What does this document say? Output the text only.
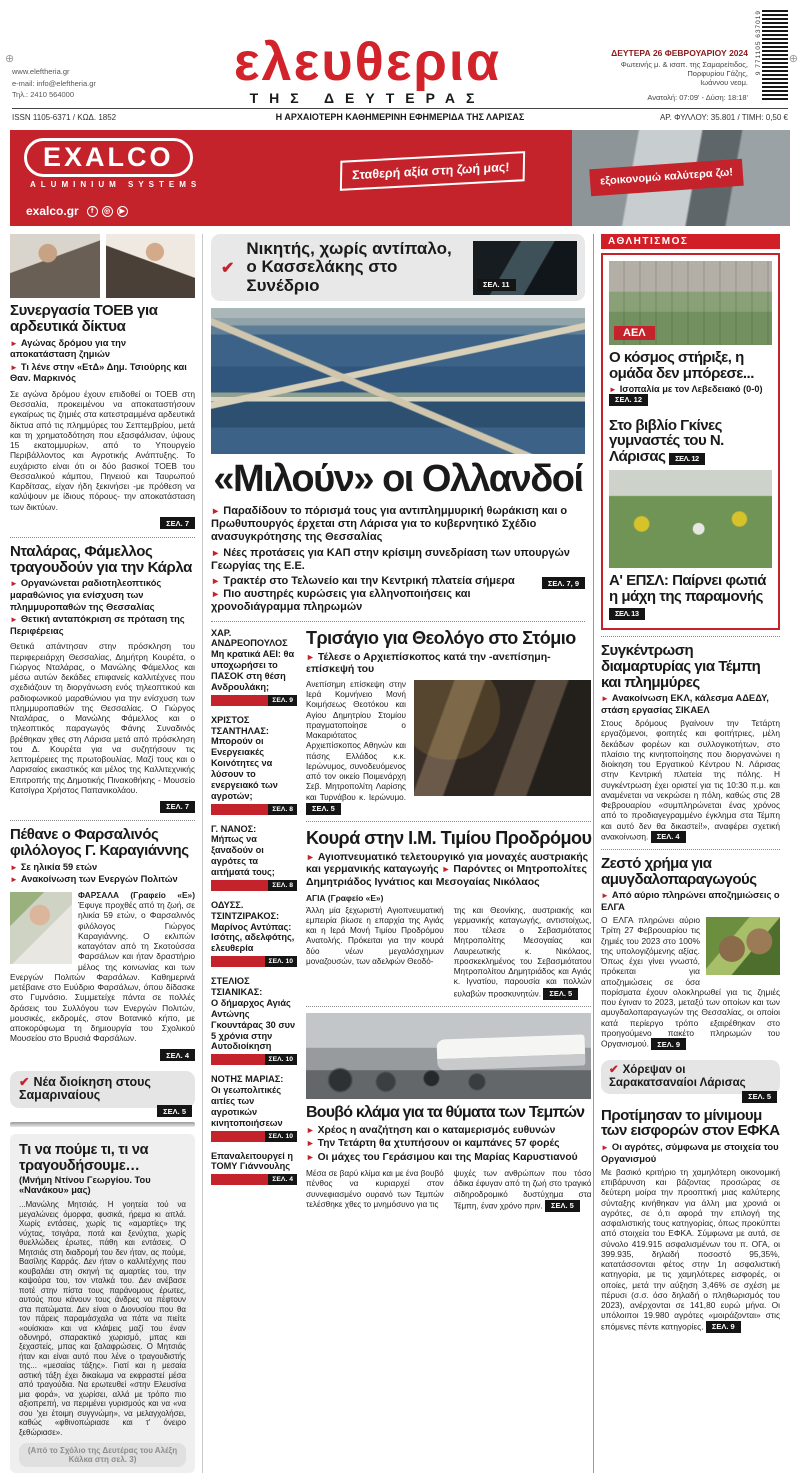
⊕	⊕
www.eleftheria.gr
e-mail: info@eleftheria.gr
Τηλ.: 2410 564000
ελευθερια
ΤΗΣ ΔΕΥΤΕΡΑΣ
ΔΕΥΤΕΡΑ 26 ΦΕΒΡΟΥΑΡΙΟΥ 2024
Φωτεινής μ. & ισαπ. της Σαμαρείτιδος,
Πορφυρίου Γάζης,
Ιωάννου νεομ.
Ανατολή: 07:09' - Δύση: 18:18'
9 771105 637019
ISSN 1105-6371 / ΚΩΔ. 1852	Η ΑΡΧΑΙΟΤΕΡΗ ΚΑΘΗΜΕΡΙΝΗ ΕΦΗΜΕΡΙΔΑ ΤΗΣ ΛΑΡΙΣΑΣ	ΑΡ. ΦΥΛΛΟΥ: 35.801 / ΤΙΜΗ: 0,50 €
EXALCO
ALUMINIUM SYSTEMS
Σταθερή αξία στη ζωή μας!
exalco.gr	f	◎	▶
εξοικονομώ καλύτερα ζω!
Συνεργασία ΤΟΕΒ για αρδευτικά δίκτυα

► Αγώνας δρόμου για την αποκατάσταση ζημιών

► Τι λένε στην «ΕτΔ» Δημ. Τσιούρης και Θαν. Μαρκινός

Σε αγώνα δρόμου έχουν επιδοθεί οι ΤΟΕΒ στη Θεσσαλία, προκειμένου να αποκαταστήσουν εγκαίρως τις ζημιές στα κατεστραμμένα αρδευτικά δίκτυα από τις πλημμύρες του Σεπτεμβρίου, μετά και τη χρηματοδότηση που εξασφάλισαν, ύψους 15 εκατομμυρίων, από το Υπουργείο Περιβάλλοντος και Αγροτικής Ανάπτυξης. Το ευχάριστο είναι ότι οι δύο βασικοί ΤΟΕΒ του Θεσσαλικού κάμπου, Πηνειού και Ταυρωπού Καρδίτσας, είχαν ήδη ξεκινήσει -με πρόθεση να καλύψουν με ίδιους πόρους- την αποκατάσταση των δικτύων.
ΣΕΛ. 7
Νταλάρας, Φάμελλος τραγουδούν για την Κάρλα

► Οργανώνεται ραδιοτηλεοπτικός μαραθώνιος για ενίσχυση των πλημμυροπαθών της Θεσσαλίας

► Θετική ανταπόκριση σε πρόταση της Περιφέρειας

Θετικά απάντησαν στην πρόσκληση του περιφερειάρχη Θεσσαλίας, Δημήτρη Κουρέτα, ο Γιώργος Νταλάρας, ο Μανώλης Φάμελλος και μέσω αυτών δεκάδες επιφανείς καλλιτέχνες που σχεδιάζουν τη διοργάνωση ενός τηλεοπτικού και ραδιοφωνικού μαραθώνιου για την ενίσχυση των πλημμυροπαθών της Θεσσαλίας. Ο Γιώργος Νταλάρας, ο Μανώλης Φάμελλος και ο τηλεοπτικός παραγωγός Φάνης Συναδινός βρέθηκαν χθες στη Λάρισα μετά από πρόσκληση του Δ. Κουρέτα για να συζητήσουν τις λεπτομέρειες της πρωτοβουλίας. Μαζί τους και ο Λαρισαίος εικαστικός και μέλος της Καλλιτεχνικής Επιτροπής της Δημοτικής Πινακοθήκης - Μουσείο Κατσίγρα Χρήστος Παπανικολάου.
ΣΕΛ. 7
Πέθανε ο Φαρσαλινός φιλόλογος Γ. Καραγιάννης

► Σε ηλικία 59 ετών

► Ανακοίνωση των Ενεργών Πολιτών

ΦΑΡΣΑΛΑ (Γραφείο «Ε») Έφυγε προχθές από τη ζωή, σε ηλικία 59 ετών, ο Φαρσαλινός φιλόλογος Γιώργος Καραγιάννης. Ο εκλιπών καταγόταν από τη Σκοτούσσα Φαρσάλων και ήταν δραστήριο μέλος της κοινωνίας και των Ενεργών Πολιτών Φαρσάλων. Καθημερινά μετέβαινε στο Ευύδριο Φαρσάλων, όπου δίδασκε στο Γυμνάσιο. Συμμετείχε πάντα σε πολλές δράσεις του Συλλόγου των Ενεργών Πολιτών, μουσικές, εκδρομές, στον Βοτανικό κήπο, με αποκορύφωμα τη δημιουργία του Σχολικού Μουσείου στο Βρυσιά Φαρσάλων.
ΣΕΛ. 4
✔ Νέα διοίκηση στους Σαμαριναίους
ΣΕΛ. 5
Τι να πούμε τι, τι να τραγουδήσουμε…
(Μνήμη Ντίνου Γεωργίου. Του «Νανάκου» μας)
...Μανώλης Μητσιάς. Η γοητεία τού να μεγαλώνεις όμορφα, φυσικά, ήρεμα κι απλά. Χωρίς εντάσεις, χωρίς τις «αμαρτίες» της νύχτας, τσιγάρα, ποτά και ξενύχτια, χωρίς θυελλώδεις έρωτες, πάθη και εντάσεις. Ο Μητσιάς στη διαδρομή του δεν ήταν, ας πούμε, Βασίλης Καρράς. Δεν ήταν ο καλλιτέχνης που κουβαλάει στη σκηνή τις αμαρτίες του, την καψούρα του, τον νταλκά του. Δεν ανέβασε ποτέ στην πίστα τους παράνομους έρωτες, αυτούς που κάνουν τους άνδρες να πέφτουν στα πατώματα. Δεν είναι ο Διονυσίου που θα τον πάρεις παραμάσχαλα να πάτε να πιείτε «ουίσκια» και να κλάψεις μαζί του έναν οδυνηρό, σπαρακτικό χωρισμό, μπας και ξεχαστείς, μπας και ξαλαφρώσεις. Ο Μητσιάς ήταν και είναι αυτό που λένε ο τραγουδιστής της... «μεσαίας τάξης». Γιατί και η μεσαία αστική τάξη έχει δικαίωμα να εκφραστεί μέσα από τραγούδια. Να ερωτευθεί «στην Ελευσίνα μια φορά», να χωρίσει, αλλά με τρόπο πιο αξιοπρεπή, να περιμένει γυρισμούς και να «να σου 'χει έτοιμη συγγνώμη», να μελαγχολήσει, καθώς «φθινοπώριασε και τ' όνειρο ξεθώριασε».
(Από το Σχόλιο της Δευτέρας του Αλέξη Κάλκα στη σελ. 3)
✔
Νικητής, χωρίς αντίπαλο, ο Κασσελάκης στο Συνέδριο	ΣΕΛ. 11
«Μιλούν» οι Ολλανδοί

► Παραδίδουν το πόρισμά τους για αντιπλημμυρική θωράκιση και ο Πρωθυπουργός έρχεται στη Λάρισα για το κυβερνητικό Σχέδιο ανασυγκρότησης της Θεσσαλίας

► Νέες προτάσεις για ΚΑΠ στην κρίσιμη συνεδρίαση των υπουργών Γεωργίας της Ε.Ε.

ΣΕΛ. 7, 9
► Τρακτέρ στο Τελωνείο και την Κεντρική πλατεία σήμερα ► Πιο αυστηρές κυρώσεις για ελληνοποιήσεις και χρονοδιάγραμμα πληρωμών

ΧΑΡ. ΑΝΔΡΕΟΠΟΥΛΟΣ
Μη κρατικά ΑΕΙ: θα υποχωρήσει το ΠΑΣΟΚ στη θέση Ανδρουλάκη;
ΣΕΛ. 9
ΧΡΙΣΤΟΣ ΤΣΑΝΤΗΛΑΣ:
Μπορούν οι Ενεργειακές Κοινότητες να λύσουν το ενεργειακό των αγροτών;
ΣΕΛ. 8
Γ. ΝΑΝΟΣ:
Μήπως να ξαναδούν οι αγρότες τα αιτήματά τους;
ΣΕΛ. 8
ΟΔΥΣΣ. ΤΣΙΝΤΖΙΡΑΚΟΣ:
Μαρίνος Αντύπας: Ισότης, αδελφότης, ελευθερία
ΣΕΛ. 10
ΣΤΕΛΙΟΣ ΤΣΙΑΝΙΚΑΣ:
Ο δήμαρχος Αγιάς Αντώνης Γκουντάρας 30 συν 5 χρόνια στην Αυτοδιοίκηση
ΣΕΛ. 10
ΝΟΤΗΣ ΜΑΡΙΑΣ:
Οι γεωπολιτικές αιτίες των αγροτικών κινητοποιήσεων
ΣΕΛ. 10
Επαναλειτουργεί η ΤΟΜΥ Γιάννουλης
ΣΕΛ. 4
Τρισάγιο για Θεολόγο στο Στόμιο

► Τέλεσε ο Αρχιεπίσκοπος κατά την -ανεπίσημη- επίσκεψή του

Ανεπίσημη επίσκεψη στην Ιερά Κομνήνειο Μονή Κοιμήσεως Θεοτόκου και Αγίου Δημητρίου Στομίου πραγματοποίησε ο Μακαριότατος Αρχιεπίσκοπος Αθηνών και πάσης Ελλάδος κ.κ. Ιερώνυμος, συνοδευόμενος από τον οικείο Ποιμενάρχη Σεβ. Μητροπολίτη Λαρίσης και Τυρνάβου κ. Ιερώνυμο. ΣΕΛ. 5
Κουρά στην Ι.Μ. Τιμίου Προδρόμου

► Αγιοπνευματικό τελετουργικό για μοναχές αυστριακής και γερμανικής καταγωγής ► Παρόντες οι Μητροπολίτες Δημητριάδος Ιγνάτιος και Μεσογαίας Νικόλαος

ΑΓΙΑ (Γραφείο «Ε»)
Άλλη μία ξεχωριστή Αγιοπνευματική εμπειρία βίωσε η επαρχία της Αγιάς και η Ιερά Μονή Τιμίου Προδρόμου Ανατολής. Πρόκειται για την κουρά δύο νέων μεγαλόσχημων μοναζουσών, των αδελφών Θεοδό-
της και Θεονίκης, αυστριακής και γερμανικής καταγωγής, αντιστοίχως, που τέλεσε ο Σεβασμιότατος Μητροπολίτης Μεσογαίας και Λαυρεωτικής κ. Νικόλαος, προσκεκλημένος του Σεβασμιότατου Μητροπολίτου Δημητριάδος και Αγιάς κ. Ιγνατίου, παρουσία και πολλών ευλαβών προσκυνητών. ΣΕΛ. 5
Βουβό κλάμα για τα θύματα των Τεμπών

► Χρέος η αναζήτηση και ο καταμερισμός ευθυνών

► Την Τετάρτη θα χτυπήσουν οι καμπάνες 57 φορές

► Οι μάχες του Γεράσιμου και της Μαρίας Καρυστιανού

Μέσα σε βαρύ κλίμα και με ένα βουβό πένθος να κυριαρχεί στον συννεφιασμένο ουρανό των Τεμπών τελέσθηκε χθες το μνημόσυνο για τις
ψυχές των ανθρώπων που τόσο άδικα έφυγαν από τη ζωή στο τραγικό σιδηροδρομικό δυστύχημα στα Τέμπη, έναν χρόνο πριν. ΣΕΛ. 5
ΑΘΛΗΤΙΣΜΟΣ
ΑΕΛ
Ο κόσμος στήριξε, η ομάδα δεν μπόρεσε...

► Ισοπαλία με τον Λεβεδειακό (0-0) ΣΕΛ. 12

Στο βιβλίο Γκίνες γυμναστές του Ν. Λάρισας ΣΕΛ. 12
Α' ΕΠΣΛ: Παίρνει φωτιά η μάχη της παραμονής ΣΕΛ. 13
Συγκέντρωση διαμαρτυρίας για Τέμπη και πλημμύρες

► Ανακοίνωση ΕΚΛ, κάλεσμα ΑΔΕΔΥ, στάση εργασίας ΣΙΚΑΕΛ

Στους δρόμους βγαίνουν την Τετάρτη εργαζόμενοι, φοιτητές και φοιτήτριες, μέλη δεκάδων φορέων και συλλογικοτήτων, στο πλαίσιο της κινητοποίησης που διοργανώνει η διοίκηση του Εργατικού Κέντρου Ν. Λάρισας στην Κεντρική πλατεία της πόλης. Η συγκέντρωση έχει οριστεί για τις 10:30 π.μ. και αναμένεται να νεκρώσει η πόλη, καθώς στις 28 Φεβρουαρίου «συμπληρώνεται ένας χρόνος από το προδιαγεγραμμένο έγκλημα στα Τέμπη και αυτό δεν θα δικαστεί!», αναφέρει σχετική ανακοίνωση. ΣΕΛ. 4
Ζεστό χρήμα για αμυγδαλοπαραγωγούς

► Από αύριο πληρώνει αποζημιώσεις ο ΕΛΓΑ

Ο ΕΛΓΑ πληρώνει αύριο Τρίτη 27 Φεβρουαρίου τις ζημιές του 2023 στο 100% της υπολογιζόμενης αξίας. Όπως έχει γίνει γνωστό, πρόκειται για αποζημιώσεις σε όσα πορίσματα έχουν ολοκληρωθεί για τις ζημιές που έγιναν το 2023, μεταξύ των οποίων και των αμυγδαλοπαραγωγών της Θεσσαλίας, οι οποίοι κατά περίεργο τρόπο εξαιρέθηκαν στο προηγούμενο πακέτο πληρωμών του Οργανισμού. ΣΕΛ. 9
✔ Χόρεψαν οι Σαρακατσαναίοι Λάρισας
ΣΕΛ. 5
Προτίμησαν το μίνιμουμ των εισφορών στον ΕΦΚΑ

► Οι αγρότες, σύμφωνα με στοιχεία του Οργανισμού

Με βασικό κριτήριο τη χαμηλότερη οικονομική επιβάρυνση και βάζοντας προσώρας σε δεύτερη μοίρα την προοπτική μιας καλύτερης σύνταξης κινήθηκαν για άλλη μια χρονιά οι αγρότες, σε ό,τι αφορά την επιλογή της ασφαλιστικής τους κατηγορίας, όπως προκύπτει από στοιχεία του ΕΦΚΑ. Σύμφωνα με αυτά, σε σύνολο 419.915 ασφαλισμένων του π. ΟΓΑ, οι 399.935, δηλαδή ποσοστό 95,35%, κατατάσσονται φέτος στην 1η ασφαλιστική κατηγορία, με τις χαμηλότερες εισφορές, οι οποίες, μετά την αύξηση 3,46% σε σχέση με πέρυσι (σ.σ. όσο δηλαδή ο πληθωρισμός του 2023), ανέρχονται σε 141,80 ευρώ μήνα. Οι υπόλοιποι 19.980 αγρότες «μοιράζονται» στις επόμενες πέντε κατηγορίες. ΣΕΛ. 9
